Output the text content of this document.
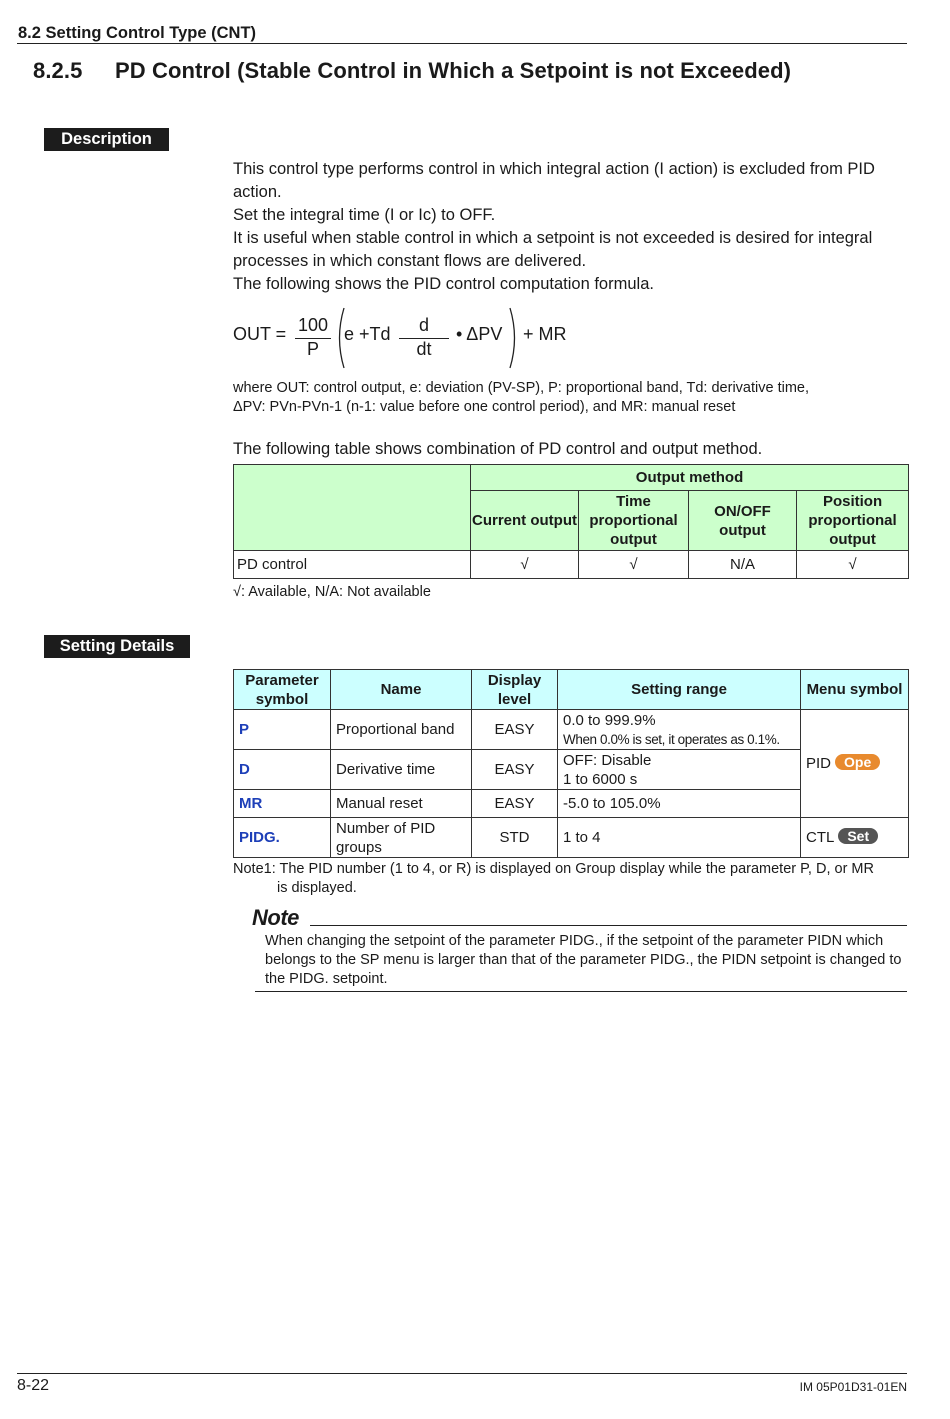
8.2 Setting Control Type (CNT)
8.2.5 PD Control (Stable Control in Which a Setpoint is not Exceeded)
Description

This control type performs control in which integral action (I action) is excluded from PID action.

Set the integral time (I or Ic) to OFF.

It is useful when stable control in which a setpoint is not exceeded is desired for integral processes in which constant flows are delivered.

The following shows the PID control computation formula.

OUT = 100
P
e +Td	d
dt
• ΔPV + MR

where OUT: control output, e: deviation (PV-SP), P: proportional band, Td: derivative time,

ΔPV: PVn-PVn-1 (n-1: value before one control period), and MR: manual reset

The following table shows combination of PD control and output method.
	Output method			
	Current output	Time proportional output	ON/OFF output	Position proportional output
PD control	√	√	N/A	√
√: Available, N/A: Not available
Setting Details
Parameter symbol	Name	Display level	Setting range	Menu symbol
P	Proportional band	EASY	0.0 to 999.9%
When 0.0% is set, it operates as 0.1%.	PID Ope
D	Derivative time	EASY	OFF: Disable
1 to 6000 s	

MR	Manual reset	EASY	-5.0 to 105.0%	
PIDG.	Number of PID groups	STD	1 to 4	CTL Set

Note1: The PID number (1 to 4, or R) is displayed on Group display while the parameter P, D, or MR

is displayed.

Note

When changing the setpoint of the parameter PIDG., if the setpoint of the parameter PIDN which belongs to the SP menu is larger than that of the parameter PIDG., the PIDN setpoint is changed to the PIDG. setpoint.

8-22	IM 05P01D31-01EN
